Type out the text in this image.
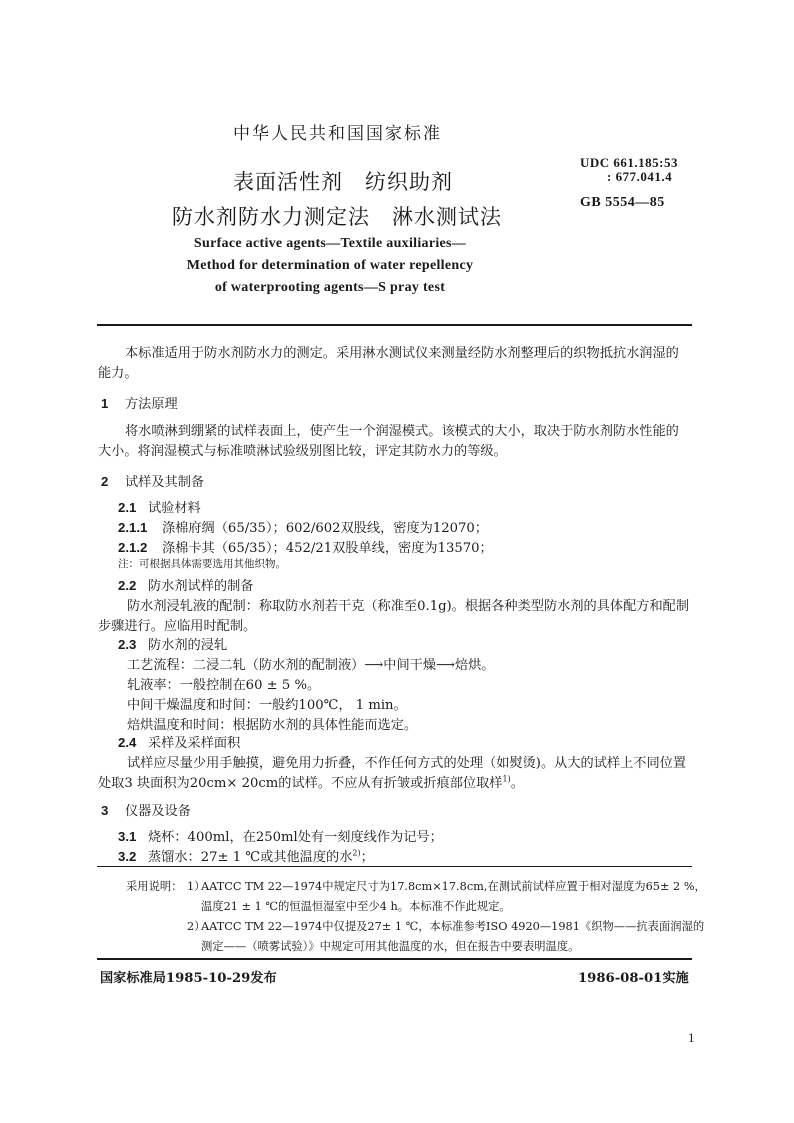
中华人民共和国国家标准
表面活性剂　纺织助剂
防水剂防水力测定法　淋水测试法
UDC 661.185:53
: 677.041.4
GB 5554—85
Surface active agents—Textile auxiliaries—
Method for determination of water repellency
of waterprooting agents—S pray test
本标准适用于防水剂防水力的测定。采用淋水测试仪来测量经防水剂整理后的织物抵抗水润湿的
能力。
1 方法原理
将水喷淋到绷紧的试样表面上，使产生一个润湿模式。该模式的大小，取决于防水剂防水性能的
大小。将润湿模式与标准喷淋试验级别图比较，评定其防水力的等级。
2 试样及其制备
2.1 试验材料
2.1.1 涤棉府绸（65/35）；602/602双股线，密度为12070；
2.1.2 涤棉卡其（65/35）；452/21双股单线，密度为13570；
注：可根据具体需要选用其他织物。
2.2 防水剂试样的制备
防水剂浸轧液的配制：称取防水剂若干克（称准至0.1g)。根据各种类型防水剂的具体配方和配制
步骤进行。应临用时配制。
2.3 防水剂的浸轧
工艺流程：二浸二轧（防水剂的配制液）⟶中间干燥⟶焙烘。
轧液率：一般控制在60 ± 5 %。
中间干燥温度和时间：一般约100℃， 1 min。
焙烘温度和时间：根据防水剂的具体性能而选定。
2.4 采样及采样面积
试样应尽量少用手触摸，避免用力折叠，不作任何方式的处理（如熨烫)。从大的试样上不同位置
处取3 块面积为20cm× 20cm的试样。不应从有折皱或折痕部位取样$^{1)}$。
3 仪器及设备
3.1 烧杯：400ml，在250ml处有一刻度线作为记号；
3.2 蒸馏水：27± 1 ℃或其他温度的水$^{2)}$；
采用说明： 1）
AATCC TM 22—1974中规定尺寸为17.8cm×17.8cm,在测试前试样应置于相对湿度为65± 2 %，
温度21 ± 1 ℃的恒温恒湿室中至少4 h。本标准不作此规定。
2）
AATCC TM 22—1974中仅提及27± 1 ℃，本标准参考ISO 4920—1981《织物——抗表面润湿的
测定——（喷雾试验）》中规定可用其他温度的水，但在报告中要表明温度。
国家标准局1985-10-29发布	1986-08-01实施
1
